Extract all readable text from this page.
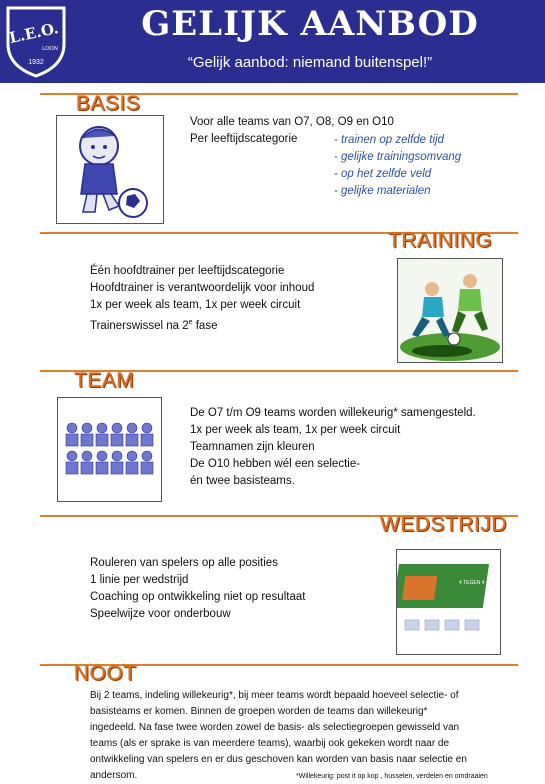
L.E.O.
LOON
1932
GELIJK AANBOD
“Gelijk aanbod: niemand buitenspel!”
BASIS
Voor alle teams van O7, O8, O9 en O10
Per leeftijdscategorie	- trainen op zelfde tijd
- gelijke trainingsomvang
- op het zelfde veld
- gelijke materialen
TRAINING
Één hoofdtrainer per leeftijdscategorie
Hoofdtrainer is verantwoordelijk voor inhoud
1x per week als team, 1x per week circuit
Trainerswissel na 2e fase
TEAM
De O7 t/m O9 teams worden willekeurig* samengesteld.
1x per week als team, 1x per week circuit
Teamnamen zijn kleuren
De O10 hebben wél een selectie-
én twee basisteams.
WEDSTRIJD
Rouleren van spelers op alle posities
1 linie per wedstrijd
Coaching op ontwikkeling niet op resultaat
Speelwijze voor onderbouw
4 TEGEN 4
NOOT
Bij 2 teams, indeling willekeurig*, bij meer teams wordt bepaald hoeveel selectie- of
basisteams er komen. Binnen de groepen worden de teams dan willekeurig*
ingedeeld. Na fase twee worden zowel de basis- als selectiegroepen gewisseld van
teams (als er sprake is van meerdere teams), waarbij ook gekeken wordt naar de
ontwikkeling van spelers en er dus geschoven kan worden van basis naar selectie en
andersom.	*Willekeurig: post it op kop , husselen, verdelen en omdraaien
